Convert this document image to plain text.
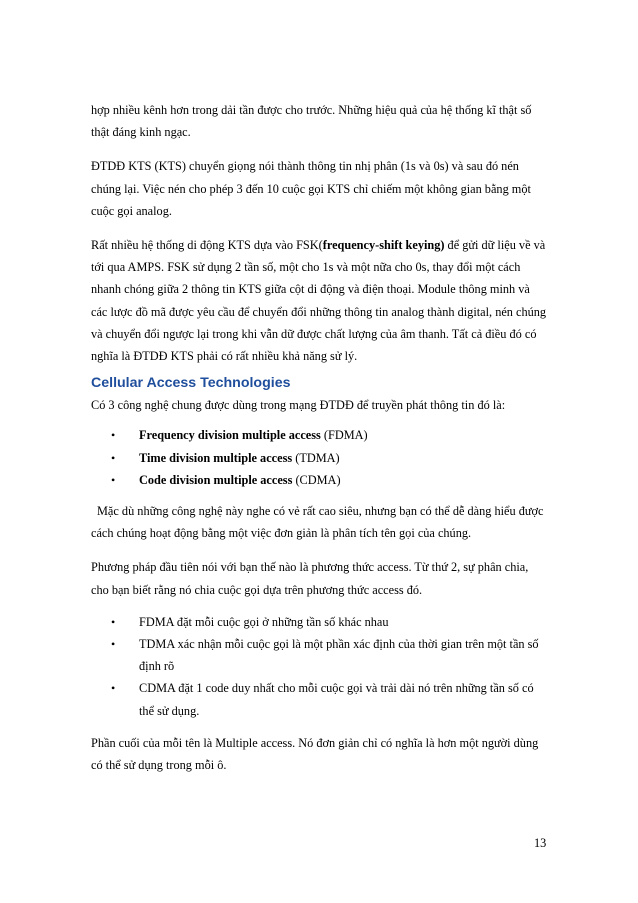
hợp nhiều kênh hơn trong dải tần được cho trước. Những hiệu quả của hệ thống kĩ thật số thật đáng kinh ngạc.

ĐTDĐ KTS (KTS) chuyển giọng nói thành thông tin nhị phân (1s và 0s) và sau đó nén chúng lại. Việc nén cho phép 3 đến 10 cuộc gọi KTS chỉ chiếm một không gian bằng một cuộc gọi analog.

Rất nhiều hệ thống di động KTS dựa vào FSK(frequency-shift keying) để gửi dữ liệu về và tới qua AMPS. FSK sử dụng 2 tần số, một cho 1s và một nữa cho 0s, thay đổi một cách nhanh chóng giữa 2 thông tin KTS giữa cột di động và điện thoại. Module thông minh và các lược đồ mã được yêu cầu để chuyển đổi những thông tin analog thành digital, nén chúng và chuyển đổi ngược lại trong khi vẫn dữ được chất lượng của âm thanh. Tất cả điều đó có nghĩa là ĐTDĐ KTS phải có rất nhiều khả năng sử lý.

Cellular Access Technologies

Có 3 công nghệ chung được dùng trong mạng ĐTDĐ để truyền phát thông tin đó là:

• Frequency division multiple access (FDMA)
• Time division multiple access (TDMA)
• Code division multiple access (CDMA)

Mặc dù những công nghệ này nghe có vẻ rất cao siêu, nhưng bạn có thể dễ dàng hiểu được cách chúng hoạt động bằng một việc đơn giản là phân tích tên gọi của chúng.

Phương pháp đầu tiên nói với bạn thế nào là phương thức access. Từ thứ 2, sự phân chia, cho bạn biết rằng nó chia cuộc gọi dựa trên phương thức access đó.

• FDMA đặt mỗi cuộc gọi ở những tần số khác nhau
• TDMA xác nhận mỗi cuộc gọi là một phần xác định của thời gian trên một tần số định rõ
• CDMA đặt 1 code duy nhất cho mỗi cuộc gọi và trải dài nó trên những tần số có thể sử dụng.

Phần cuối của mỗi tên là Multiple access. Nó đơn giản chỉ có nghĩa là hơn một người dùng có thể sử dụng trong mỗi ô.

13
